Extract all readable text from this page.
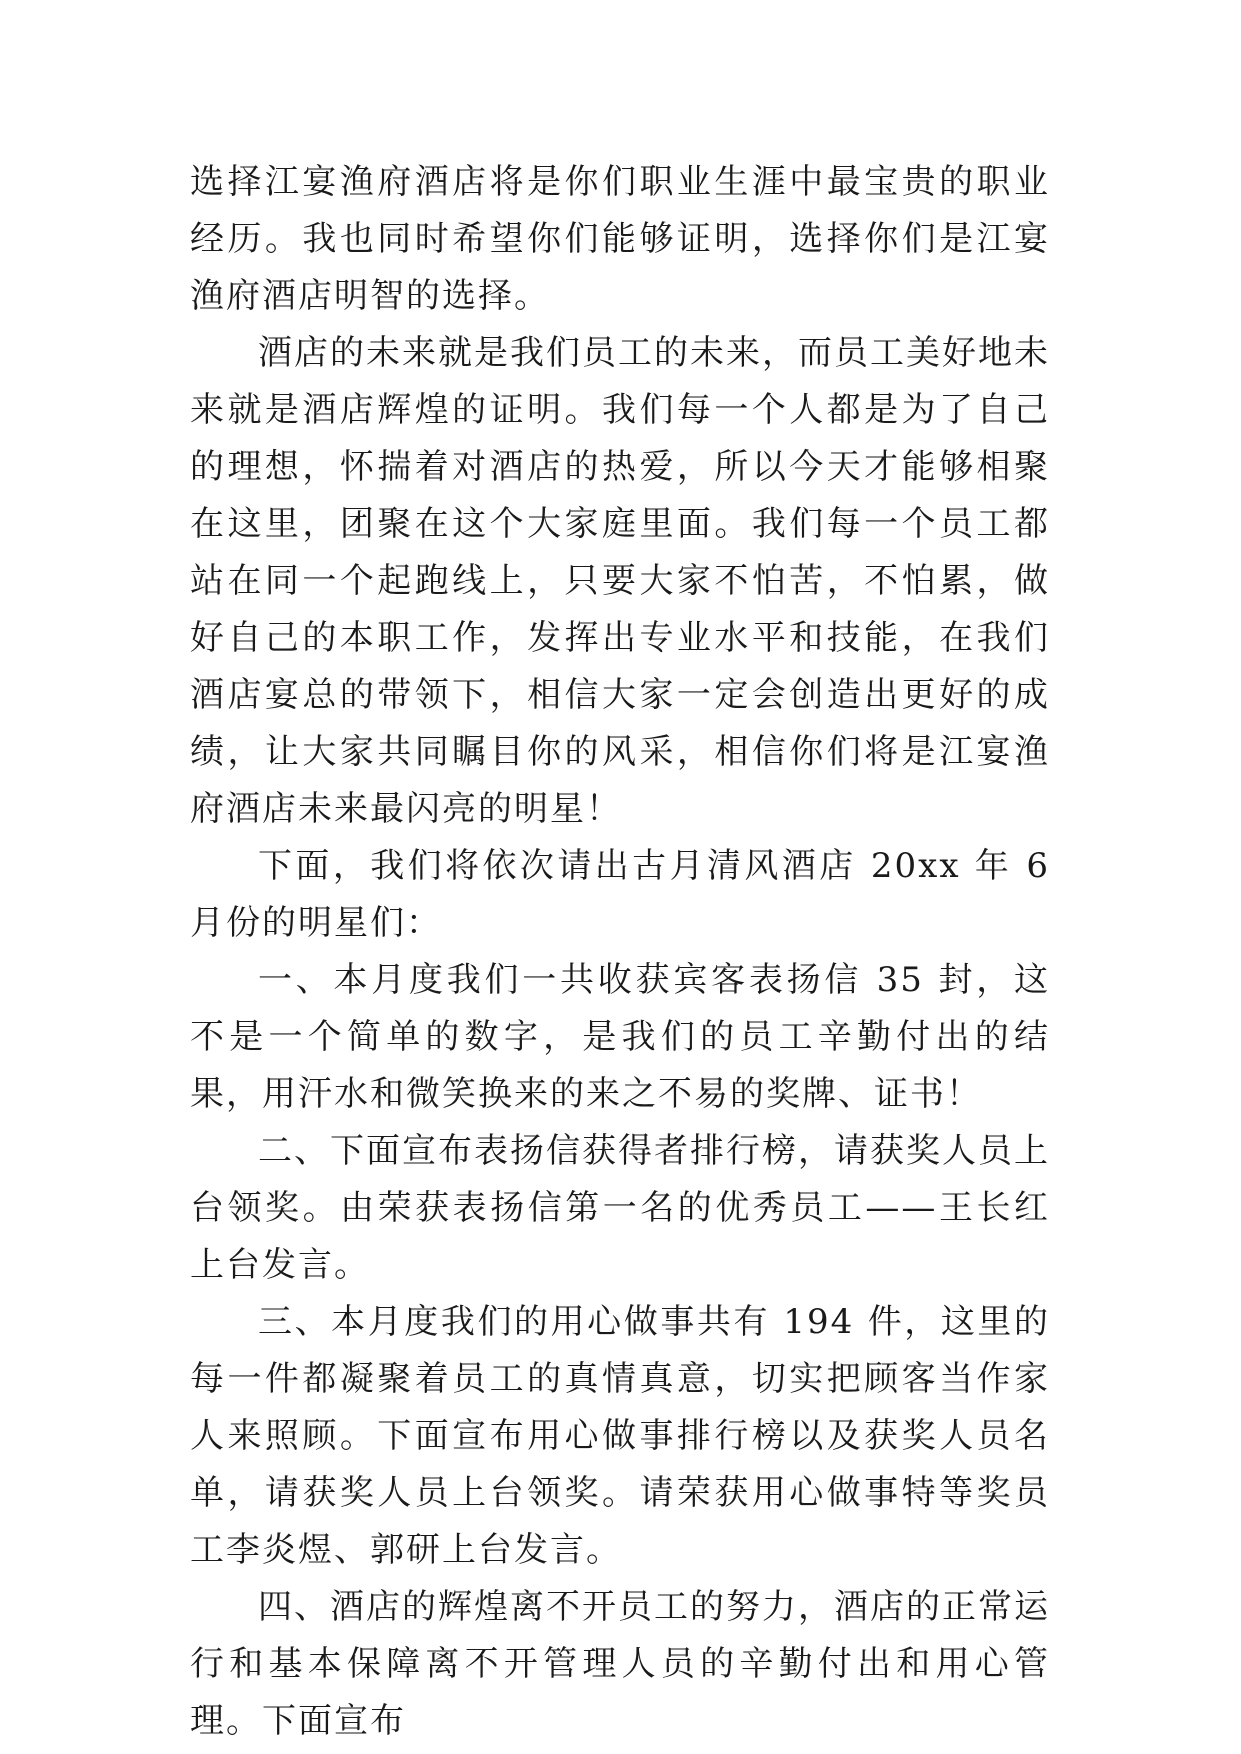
选择江宴渔府酒店将是你们职业生涯中最宝贵的职业经历。我也同时希望你们能够证明，选择你们是江宴渔府酒店明智的选择。

酒店的未来就是我们员工的未来，而员工美好地未来就是酒店辉煌的证明。我们每一个人都是为了自己的理想，怀揣着对酒店的热爱，所以今天才能够相聚在这里，团聚在这个大家庭里面。我们每一个员工都站在同一个起跑线上，只要大家不怕苦，不怕累，做好自己的本职工作，发挥出专业水平和技能，在我们酒店宴总的带领下，相信大家一定会创造出更好的成绩，让大家共同瞩目你的风采，相信你们将是江宴渔府酒店未来最闪亮的明星！

下面，我们将依次请出古月清风酒店 20xx 年 6 月份的明星们：

一、本月度我们一共收获宾客表扬信 35 封，这不是一个简单的数字，是我们的员工辛勤付出的结果，用汗水和微笑换来的来之不易的奖牌、证书！

二、下面宣布表扬信获得者排行榜，请获奖人员上台领奖。由荣获表扬信第一名的优秀员工——王长红上台发言。

三、本月度我们的用心做事共有 194 件，这里的每一件都凝聚着员工的真情真意，切实把顾客当作家人来照顾。下面宣布用心做事排行榜以及获奖人员名单，请获奖人员上台领奖。请荣获用心做事特等奖员工李炎煜、郭研上台发言。

四、酒店的辉煌离不开员工的努力，酒店的正常运行和基本保障离不开管理人员的辛勤付出和用心管理。下面宣布
